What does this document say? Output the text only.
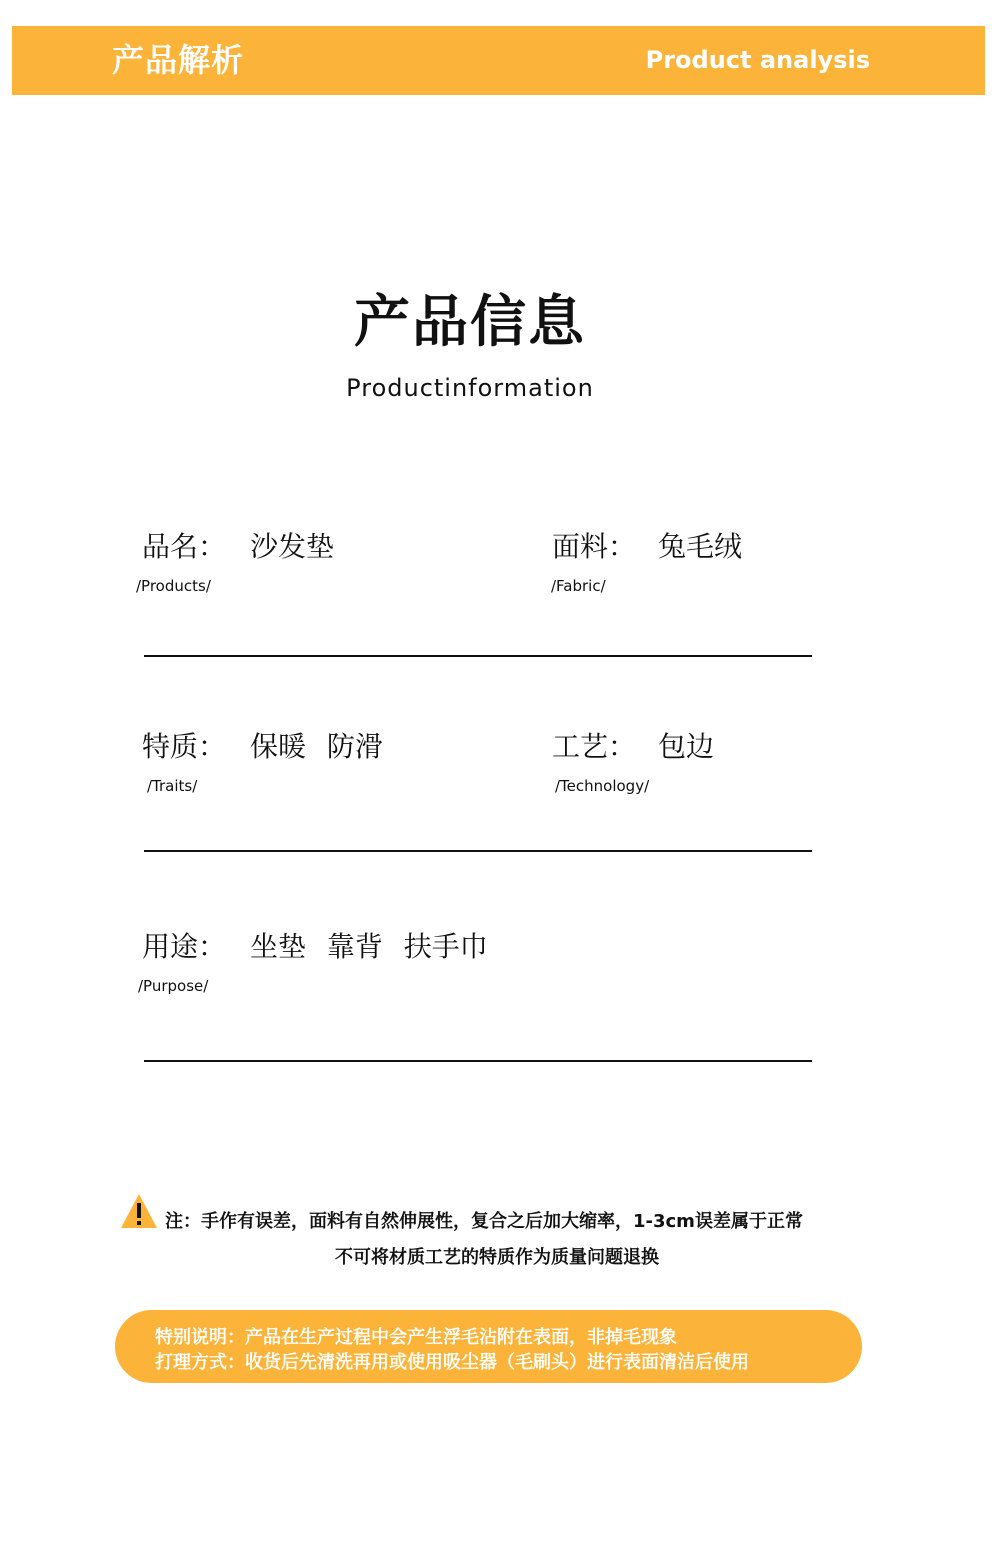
产品解析	Product analysis
产品信息
Productinformation
品名： 沙发垫
/Products/
面料： 兔毛绒
/Fabric/
特质： 保暖 防滑
/Traits/
工艺： 包边
/Technology/
用途： 坐垫 靠背 扶手巾
/Purpose/
注：手作有误差，面料有自然伸展性，复合之后加大缩率，1-3cm误差属于正常
不可将材质工艺的特质作为质量问题退换
特别说明：产品在生产过程中会产生浮毛沾附在表面，非掉毛现象
打理方式：收货后先清洗再用或使用吸尘器（毛刷头）进行表面清洁后使用
